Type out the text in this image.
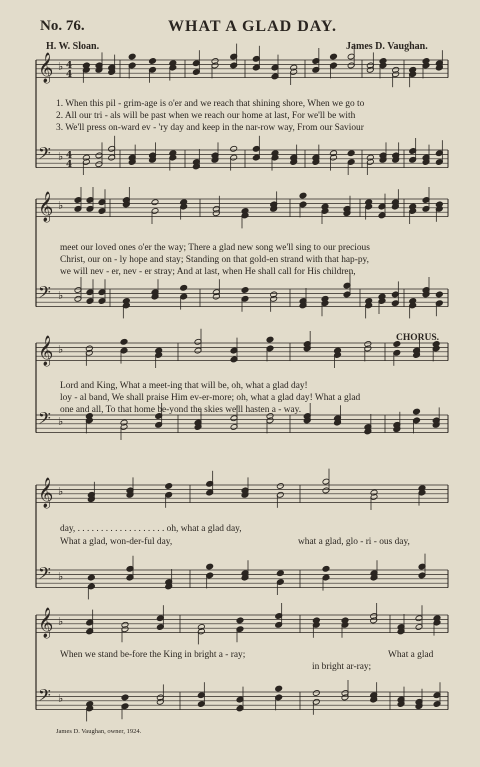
No. 76.	WHAT A GLAD DAY.
H. W. Sloan.	James D. Vaughan.
𝄞
𝄢
♭
♭
4
4
4
4
𝄞
𝄢
♭
♭
𝄞
𝄢
♭
♭
𝄞
𝄢
♭
♭
𝄞
𝄢
♭
♭
1. When this pil - grim-age is o'er and we reach that shining shore, When we go to
2. All our tri - als will be past when we reach our home at last, For we'll be with
3. We'll press on-ward ev - 'ry day and keep in the nar-row way, From our Saviour
meet our loved ones o'er the way; There a glad new song we'll sing to our precious
Christ, our on - ly hope and stay; Standing on that gold-en strand with that hap-py,
we will nev - er, nev - er stray; And at last, when He shall call for His children,
CHORUS.
Lord and King, What a meet-ing that will be, oh, what a glad day!
loy - al band, We shall praise Him ev-er-more; oh, what a glad day! What a glad
one and all, To that home be-yond the skies we'll hasten a - way.
day, . . . . . . . . . . . . . . . . . . . oh, what a glad day,
What a glad, won-der-ful day,	what a glad, glo - ri - ous day,
When we stand be-fore the King in bright a - ray;	What a glad
in bright ar-ray;
James D. Vaughan, owner, 1924.
